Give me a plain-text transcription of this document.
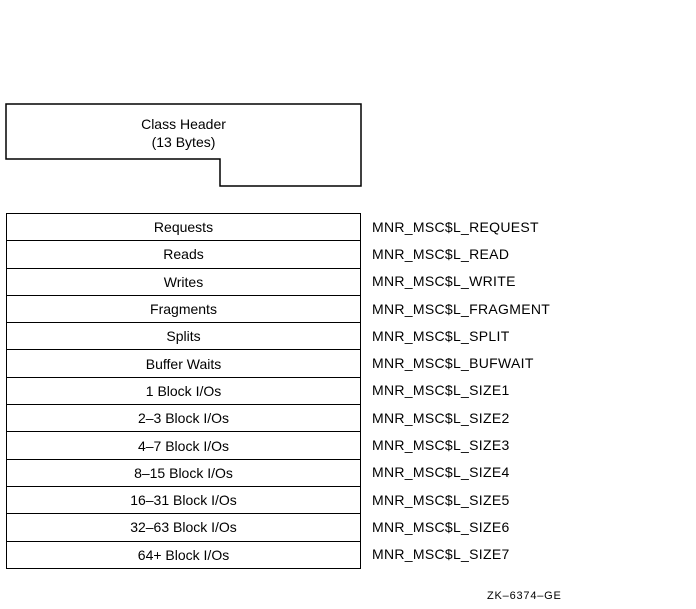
Class Header
(13 Bytes)
Requests
Reads
Writes
Fragments
Splits
Buffer Waits
1 Block I/Os
2–3 Block I/Os
4–7 Block I/Os
8–15 Block I/Os
16–31 Block I/Os
32–63 Block I/Os
64+ Block I/Os
MNR_MSC$L_REQUEST
MNR_MSC$L_READ
MNR_MSC$L_WRITE
MNR_MSC$L_FRAGMENT
MNR_MSC$L_SPLIT
MNR_MSC$L_BUFWAIT
MNR_MSC$L_SIZE1
MNR_MSC$L_SIZE2
MNR_MSC$L_SIZE3
MNR_MSC$L_SIZE4
MNR_MSC$L_SIZE5
MNR_MSC$L_SIZE6
MNR_MSC$L_SIZE7
ZK–6374–GE
